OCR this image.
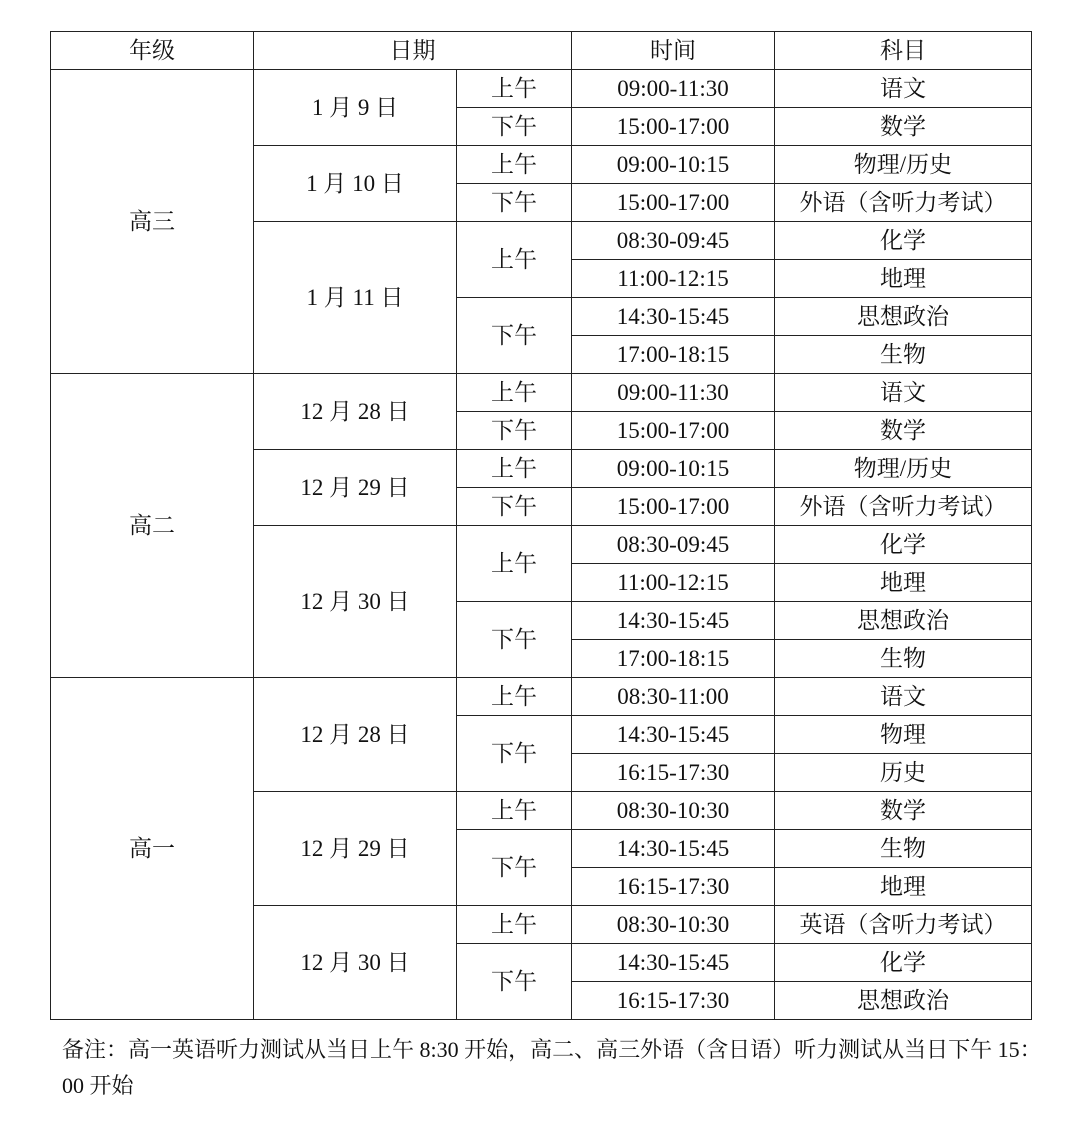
年级	日期		时间	科目
高三	1 月 9 日	上午	09:00-11:30	语文
		下午	15:00-17:00	数学
	1 月 10 日	上午	09:00-10:15	物理/历史
		下午	15:00-17:00	外语（含听力考试）
	1 月 11 日	上午	08:30-09:45	化学
			11:00-12:15	地理
		下午	14:30-15:45	思想政治
			17:00-18:15	生物
高二	12 月 28 日	上午	09:00-11:30	语文
		下午	15:00-17:00	数学
	12 月 29 日	上午	09:00-10:15	物理/历史
		下午	15:00-17:00	外语（含听力考试）
	12 月 30 日	上午	08:30-09:45	化学
			11:00-12:15	地理
		下午	14:30-15:45	思想政治
			17:00-18:15	生物
高一	12 月 28 日	上午	08:30-11:00	语文
		下午	14:30-15:45	物理
			16:15-17:30	历史
	12 月 29 日	上午	08:30-10:30	数学
		下午	14:30-15:45	生物
			16:15-17:30	地理
	12 月 30 日	上午	08:30-10:30	英语（含听力考试）
		下午	14:30-15:45	化学
			16:15-17:30	思想政治

备注：高一英语听力测试从当日上午 8:30 开始，高二、高三外语（含日语）听力测试从当日下午 15：00 开始
